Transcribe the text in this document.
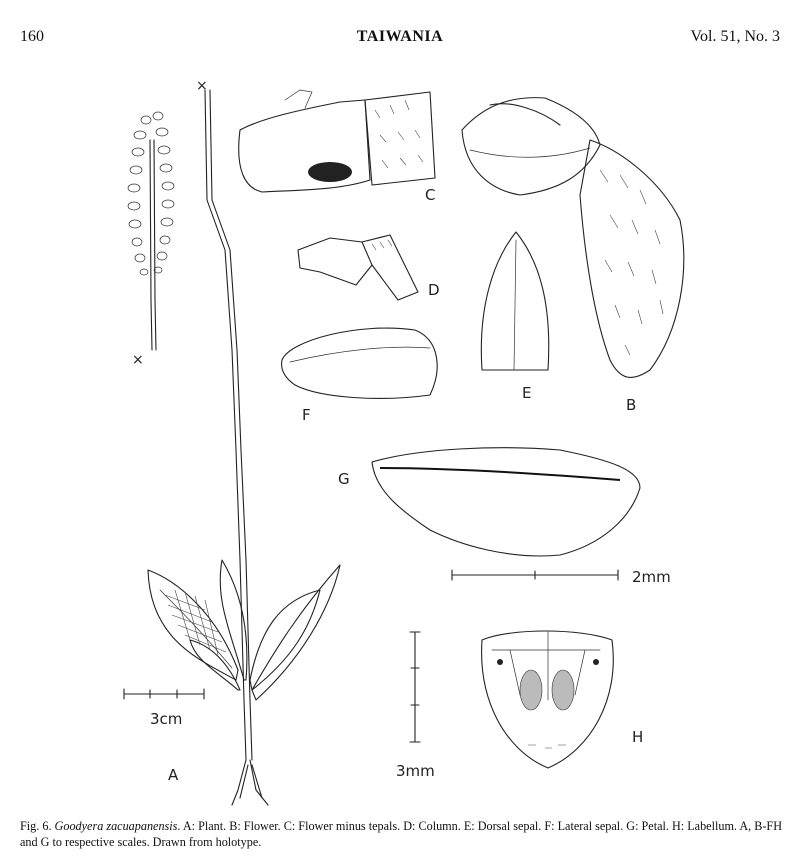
160	TAIWANIA	Vol. 51, No. 3
×
×
3cm
A
C
D
B
E
F
G
2mm
H
3mm
Fig. 6. Goodyera zacuapanensis. A: Plant. B: Flower. C: Flower minus tepals. D: Column. E: Dorsal sepal. F: Lateral sepal. G: Petal. H: Labellum. A, B-FH and G to respective scales. Drawn from holotype.
